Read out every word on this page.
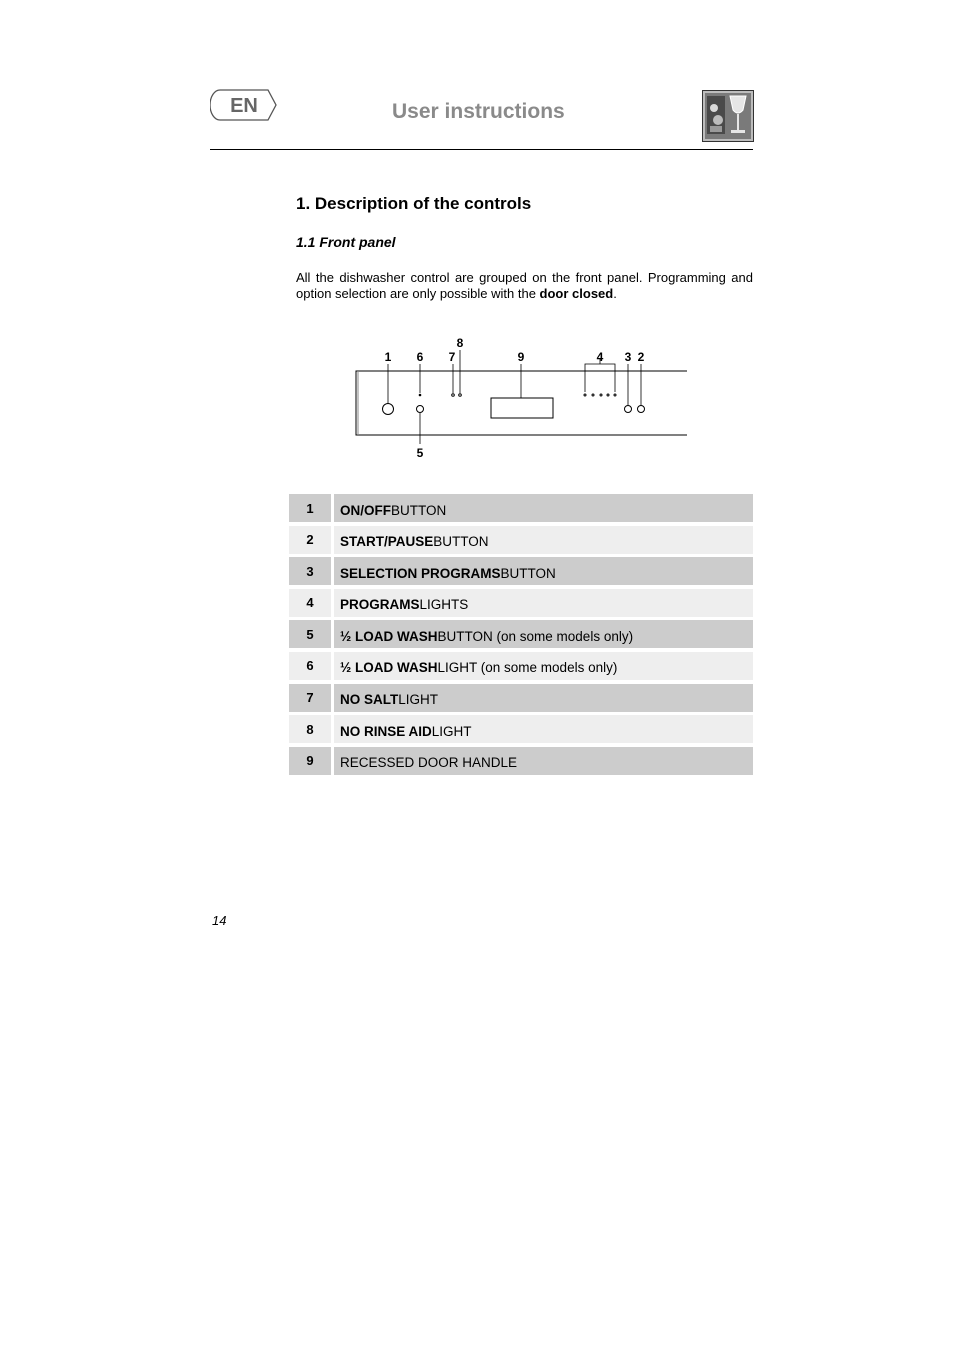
EN	User instructions
1. Description of the controls
1.1 Front panel
All the dishwasher control are grouped on the front panel. Programming and option selection are only possible with the door closed.
1 6 7
8
9	4 3 2
5
1	ON/OFF BUTTON
2	START/PAUSE BUTTON
3	SELECTION PROGRAMS BUTTON
4	PROGRAMS LIGHTS
5	½ LOAD WASH BUTTON (on some models only)
6	½ LOAD WASH LIGHT (on some models only)
7	NO SALT LIGHT
8	NO RINSE AID LIGHT
9	RECESSED DOOR HANDLE
14
